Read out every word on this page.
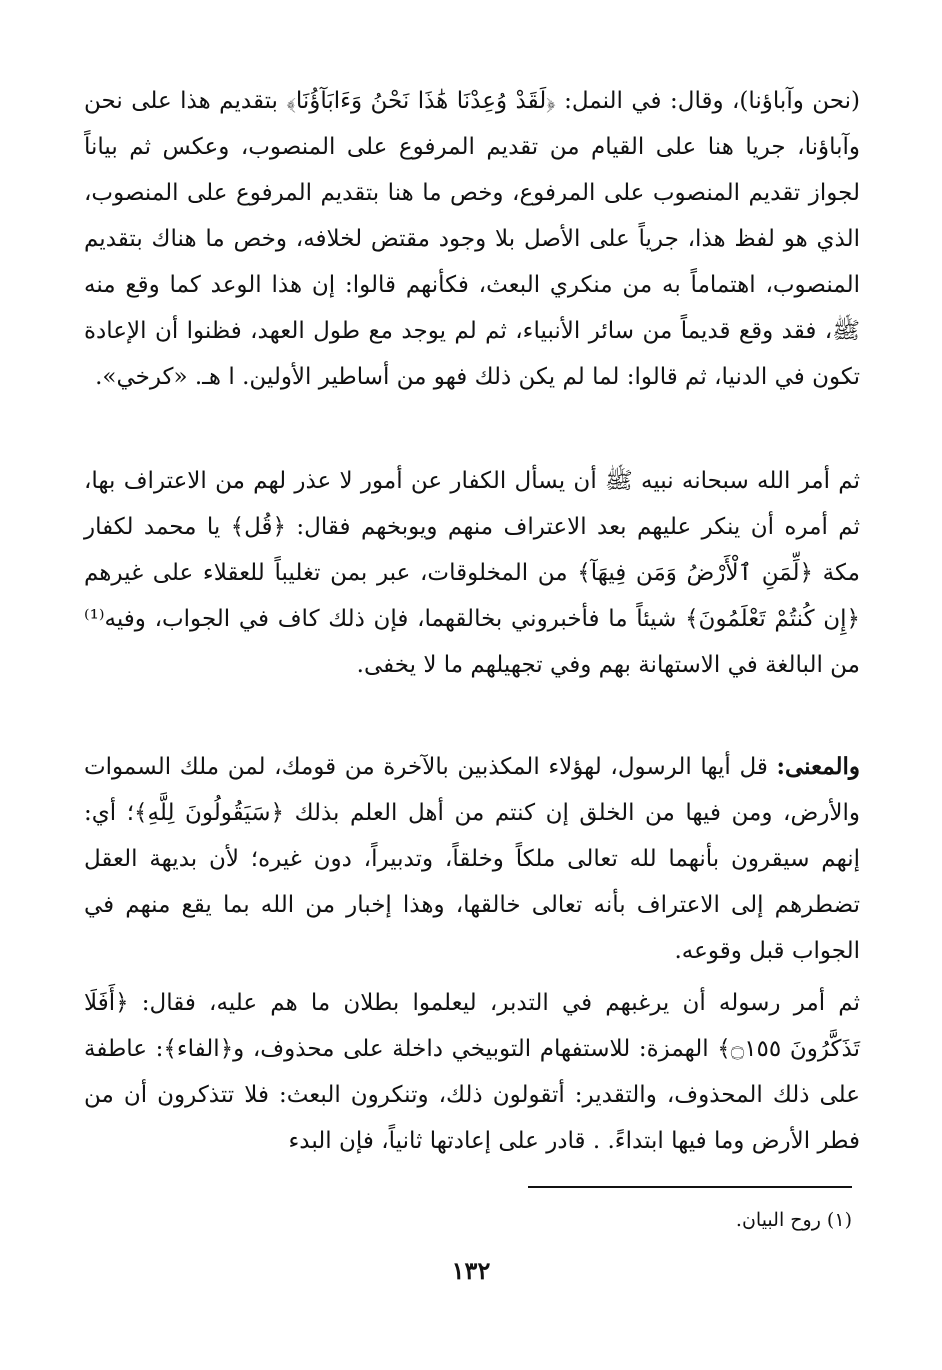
(نحن وآباؤنا)، وقال: في النمل: ﴿لَقَدْ وُعِدْنَا هَٰذَا نَحْنُ وَءَابَآؤُنَا﴾ بتقديم هذا على نحن وآباؤنا، جريا هنا على القيام من تقديم المرفوع على المنصوب، وعكس ثم بياناً لجواز تقديم المنصوب على المرفوع، وخص ما هنا بتقديم المرفوع على المنصوب، الذي هو لفظ هذا، جرياً على الأصل بلا وجود مقتض لخلافه، وخص ما هناك بتقديم المنصوب، اهتماماً به من منكري البعث، فكأنهم قالوا: إن هذا الوعد كما وقع منه ﷺ، فقد وقع قديماً من سائر الأنبياء، ثم لم يوجد مع طول العهد، فظنوا أن الإعادة تكون في الدنيا، ثم قالوا: لما لم يكن ذلك فهو من أساطير الأولين. ا هـ. «كرخي».
ثم أمر الله سبحانه نبيه ﷺ أن يسأل الكفار عن أمور لا عذر لهم من الاعتراف بها، ثم أمره أن ينكر عليهم بعد الاعتراف منهم ويوبخهم فقال: ﴿قُل﴾ يا محمد لكفار مكة ﴿لِّمَنِ ٱلْأَرْضُ وَمَن فِيهَآ﴾ من المخلوقات، عبر بمن تغليباً للعقلاء على غيرهم ﴿إِن كُنتُمْ تَعْلَمُونَ﴾ شيئاً ما فأخبروني بخالقهما، فإن ذلك كاف في الجواب، وفيه⁽¹⁾ من البالغة في الاستهانة بهم وفي تجهيلهم ما لا يخفى.
والمعنى: قل أيها الرسول، لهؤلاء المكذبين بالآخرة من قومك، لمن ملك السموات والأرض، ومن فيها من الخلق إن كنتم من أهل العلم بذلك ﴿سَيَقُولُونَ لِلَّهِ﴾؛ أي: إنهم سيقرون بأنهما لله تعالى ملكاً وخلقاً، وتدبيراً، دون غيره؛ لأن بديهة العقل تضطرهم إلى الاعتراف بأنه تعالى خالقها، وهذا إخبار من الله بما يقع منهم في الجواب قبل وقوعه.
ثم أمر رسوله أن يرغبهم في التدبر، ليعلموا بطلان ما هم عليه، فقال: ﴿أَفَلَا تَذَكَّرُونَ ۝١٥٥﴾ الهمزة: للاستفهام التوبيخي داخلة على محذوف، و﴿الفاء﴾: عاطفة على ذلك المحذوف، والتقدير: أتقولون ذلك، وتنكرون البعث: فلا تتذكرون أن من فطر الأرض وما فيها ابتداءً. . قادر على إعادتها ثانياً، فإن البدء
(١) روح البيان.
١٣٢
